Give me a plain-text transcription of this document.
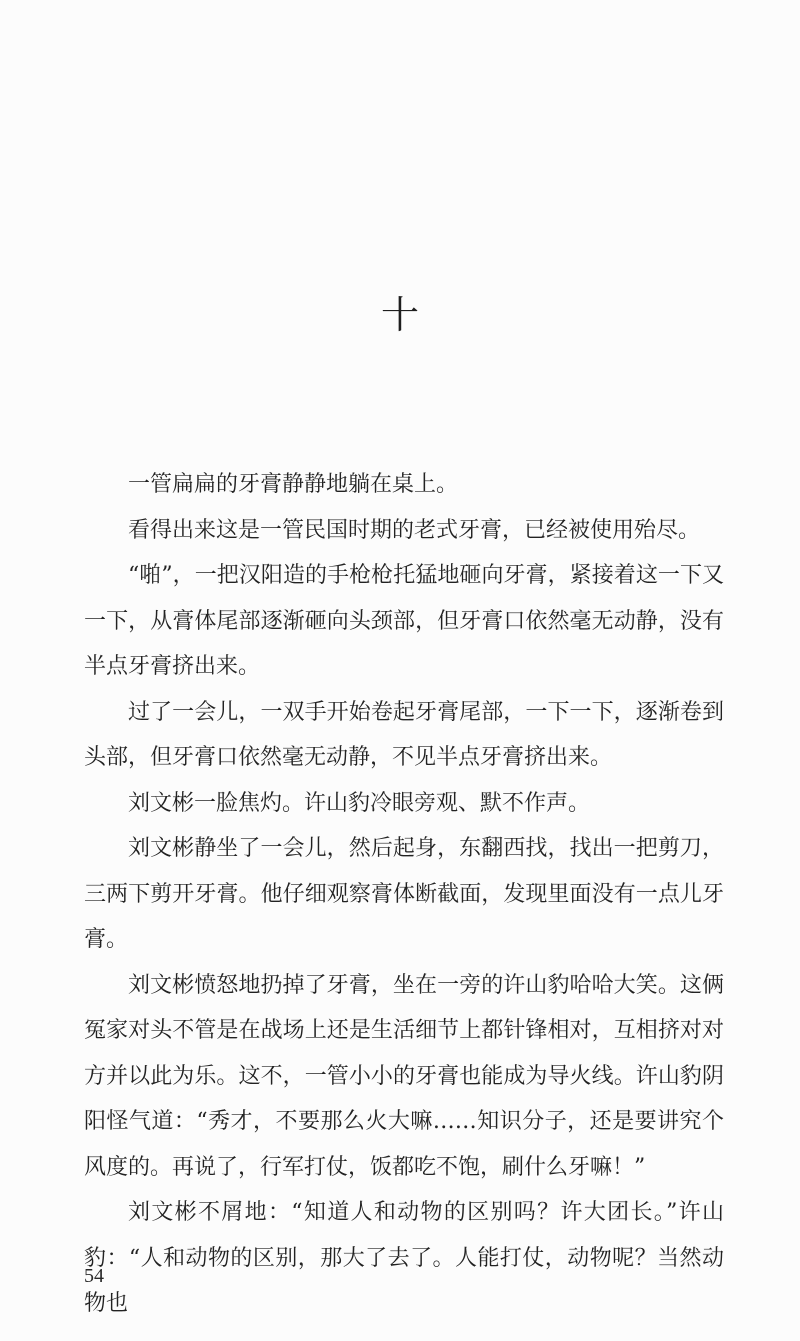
十

一管扁扁的牙膏静静地躺在桌上。

看得出来这是一管民国时期的老式牙膏，已经被使用殆尽。

“啪”，一把汉阳造的手枪枪托猛地砸向牙膏，紧接着这一下又一下，从膏体尾部逐渐砸向头颈部，但牙膏口依然毫无动静，没有半点牙膏挤出来。

过了一会儿，一双手开始卷起牙膏尾部，一下一下，逐渐卷到头部，但牙膏口依然毫无动静，不见半点牙膏挤出来。

刘文彬一脸焦灼。许山豹冷眼旁观、默不作声。

刘文彬静坐了一会儿，然后起身，东翻西找，找出一把剪刀，三两下剪开牙膏。他仔细观察膏体断截面，发现里面没有一点儿牙膏。

刘文彬愤怒地扔掉了牙膏，坐在一旁的许山豹哈哈大笑。这俩冤家对头不管是在战场上还是生活细节上都针锋相对，互相挤对对方并以此为乐。这不，一管小小的牙膏也能成为导火线。许山豹阴阳怪气道：“秀才，不要那么火大嘛……知识分子，还是要讲究个风度的。再说了，行军打仗，饭都吃不饱，刷什么牙嘛！”

刘文彬不屑地：“知道人和动物的区别吗？许大团长。”许山豹：“人和动物的区别，那大了去了。人能打仗，动物呢？当然动物也

54
